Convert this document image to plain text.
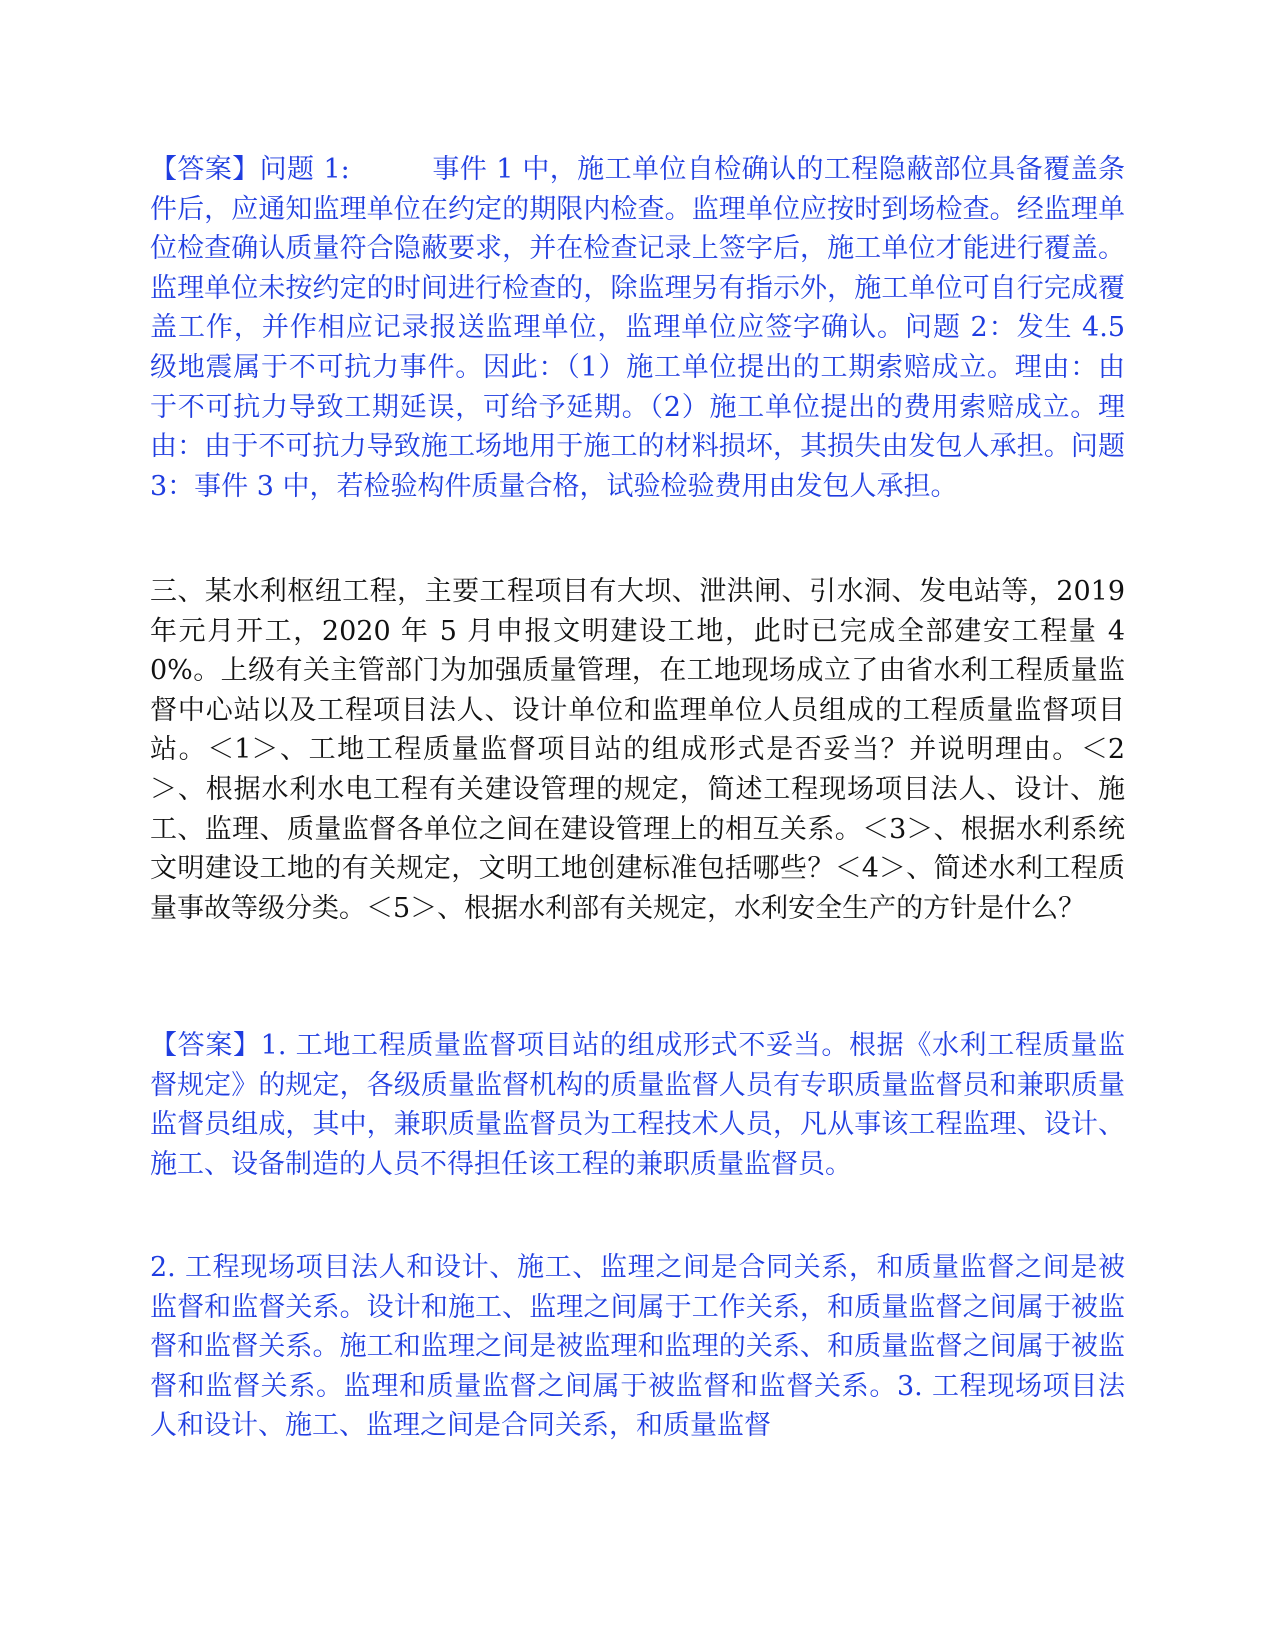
【答案】问题 1:　　　事件 1 中，施工单位自检确认的工程隐蔽部位具备覆盖条件后，应通知监理单位在约定的期限内检查。监理单位应按时到场检查。经监理单位检查确认质量符合隐蔽要求，并在检查记录上签字后，施工单位才能进行覆盖。监理单位未按约定的时间进行检查的，除监理另有指示外，施工单位可自行完成覆盖工作，并作相应记录报送监理单位，监理单位应签字确认。问题 2：发生 4.5 级地震属于不可抗力事件。因此：（1）施工单位提出的工期索赔成立。理由：由于不可抗力导致工期延误，可给予延期。（2）施工单位提出的费用索赔成立。理由：由于不可抗力导致施工场地用于施工的材料损坏，其损失由发包人承担。问题 3：事件 3 中，若检验构件质量合格，试验检验费用由发包人承担。

三、某水利枢纽工程，主要工程项目有大坝、泄洪闸、引水洞、发电站等，2019 年元月开工，2020 年 5 月申报文明建设工地，此时已完成全部建安工程量 40%。上级有关主管部门为加强质量管理，在工地现场成立了由省水利工程质量监督中心站以及工程项目法人、设计单位和监理单位人员组成的工程质量监督项目站。＜1＞、工地工程质量监督项目站的组成形式是否妥当？并说明理由。＜2＞、根据水利水电工程有关建设管理的规定，简述工程现场项目法人、设计、施工、监理、质量监督各单位之间在建设管理上的相互关系。＜3＞、根据水利系统文明建设工地的有关规定，文明工地创建标准包括哪些？＜4＞、简述水利工程质量事故等级分类。＜5＞、根据水利部有关规定，水利安全生产的方针是什么？

【答案】1. 工地工程质量监督项目站的组成形式不妥当。根据《水利工程质量监督规定》的规定，各级质量监督机构的质量监督人员有专职质量监督员和兼职质量监督员组成，其中，兼职质量监督员为工程技术人员，凡从事该工程监理、设计、施工、设备制造的人员不得担任该工程的兼职质量监督员。

2. 工程现场项目法人和设计、施工、监理之间是合同关系，和质量监督之间是被监督和监督关系。设计和施工、监理之间属于工作关系，和质量监督之间属于被监督和监督关系。施工和监理之间是被监理和监理的关系、和质量监督之间属于被监督和监督关系。监理和质量监督之间属于被监督和监督关系。3. 工程现场项目法人和设计、施工、监理之间是合同关系，和质量监督
